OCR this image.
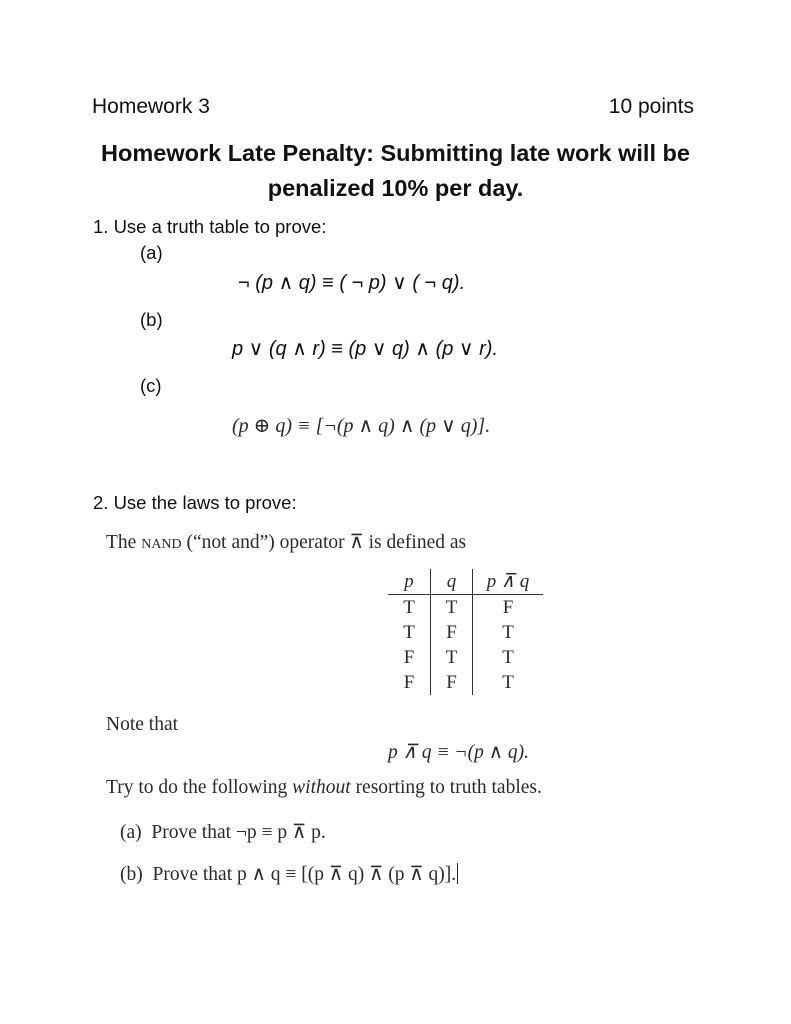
Homework 3	10 points
Homework Late Penalty: Submitting late work will be penalized 10% per day.
1. Use a truth table to prove:
(a)
¬ (p ∧ q) ≡ ( ¬ p) ∨ ( ¬ q).
(b)
p ∨ (q ∧ r) ≡ (p ∨ q) ∧ (p ∨ r).
(c)
(p ⊕ q) ≡ [¬(p ∧ q) ∧ (p ∨ q)].
2. Use the laws to prove:
The nand (“not and”) operator ⊼ is defined as
p	q	p ⊼ q
T	T	F
T	F	T
F	T	T
F	F	T
Note that
p ⊼ q ≡ ¬(p ∧ q).
Try to do the following without resorting to truth tables.
(a) Prove that ¬p ≡ p ⊼ p.
(b) Prove that p ∧ q ≡ [(p ⊼ q) ⊼ (p ⊼ q)].
